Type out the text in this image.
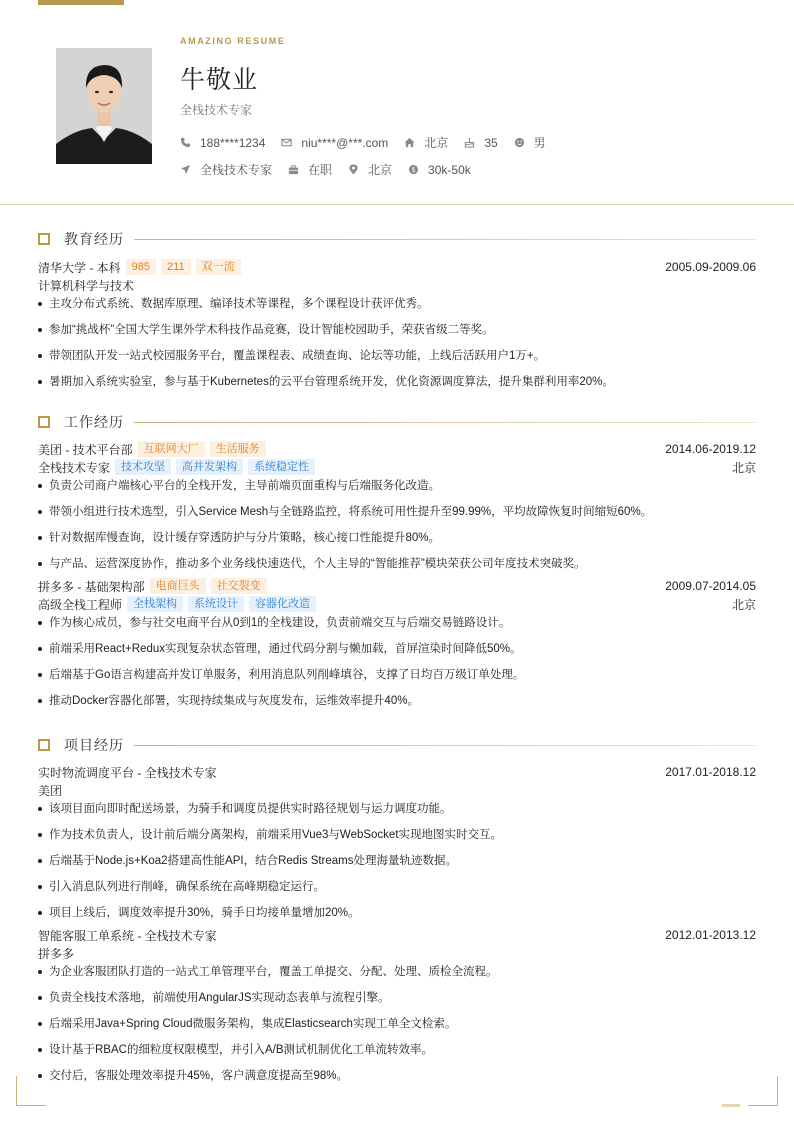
AMAZING RESUME
牛敬业
全栈技术专家
188****1234	niu****@***.com	北京	35	男
全栈技术专家	在职	北京	$ 30k-50k
教育经历
清华大学 - 本科	985	211	双一流	2005.09-2009.06
计算机科学与技术
主攻分布式系统、数据库原理、编译技术等课程，多个课程设计获评优秀。
参加“挑战杯”全国大学生课外学术科技作品竞赛，设计智能校园助手，荣获省级二等奖。
带领团队开发一站式校园服务平台，覆盖课程表、成绩查询、论坛等功能，上线后活跃用户1万+。
暑期加入系统实验室，参与基于Kubernetes的云平台管理系统开发，优化资源调度算法，提升集群利用率20%。
工作经历
美团 - 技术平台部	互联网大厂	生活服务	2014.06-2019.12
全栈技术专家	技术攻坚	高并发架构	系统稳定性	北京
负责公司商户端核心平台的全栈开发，主导前端页面重构与后端服务化改造。
带领小组进行技术选型，引入Service Mesh与全链路监控，将系统可用性提升至99.99%，平均故障恢复时间缩短60%。
针对数据库慢查询，设计缓存穿透防护与分片策略，核心接口性能提升80%。
与产品、运营深度协作，推动多个业务线快速迭代，个人主导的“智能推荐”模块荣获公司年度技术突破奖。
拼多多 - 基础架构部	电商巨头	社交裂变	2009.07-2014.05
高级全栈工程师	全栈架构	系统设计	容器化改造	北京
作为核心成员，参与社交电商平台从0到1的全栈建设，负责前端交互与后端交易链路设计。
前端采用React+Redux实现复杂状态管理，通过代码分割与懒加载，首屏渲染时间降低50%。
后端基于Go语言构建高并发订单服务，利用消息队列削峰填谷，支撑了日均百万级订单处理。
推动Docker容器化部署，实现持续集成与灰度发布，运维效率提升40%。
项目经历
实时物流调度平台 - 全栈技术专家	2017.01-2018.12
美团
该项目面向即时配送场景，为骑手和调度员提供实时路径规划与运力调度功能。
作为技术负责人，设计前后端分离架构，前端采用Vue3与WebSocket实现地图实时交互。
后端基于Node.js+Koa2搭建高性能API，结合Redis Streams处理海量轨迹数据。
引入消息队列进行削峰，确保系统在高峰期稳定运行。
项目上线后，调度效率提升30%，骑手日均接单量增加20%。
智能客服工单系统 - 全栈技术专家	2012.01-2013.12
拼多多
为企业客服团队打造的一站式工单管理平台，覆盖工单提交、分配、处理、质检全流程。
负责全栈技术落地，前端使用AngularJS实现动态表单与流程引擎。
后端采用Java+Spring Cloud微服务架构，集成Elasticsearch实现工单全文检索。
设计基于RBAC的细粒度权限模型，并引入A/B测试机制优化工单流转效率。
交付后，客服处理效率提升45%，客户满意度提高至98%。
